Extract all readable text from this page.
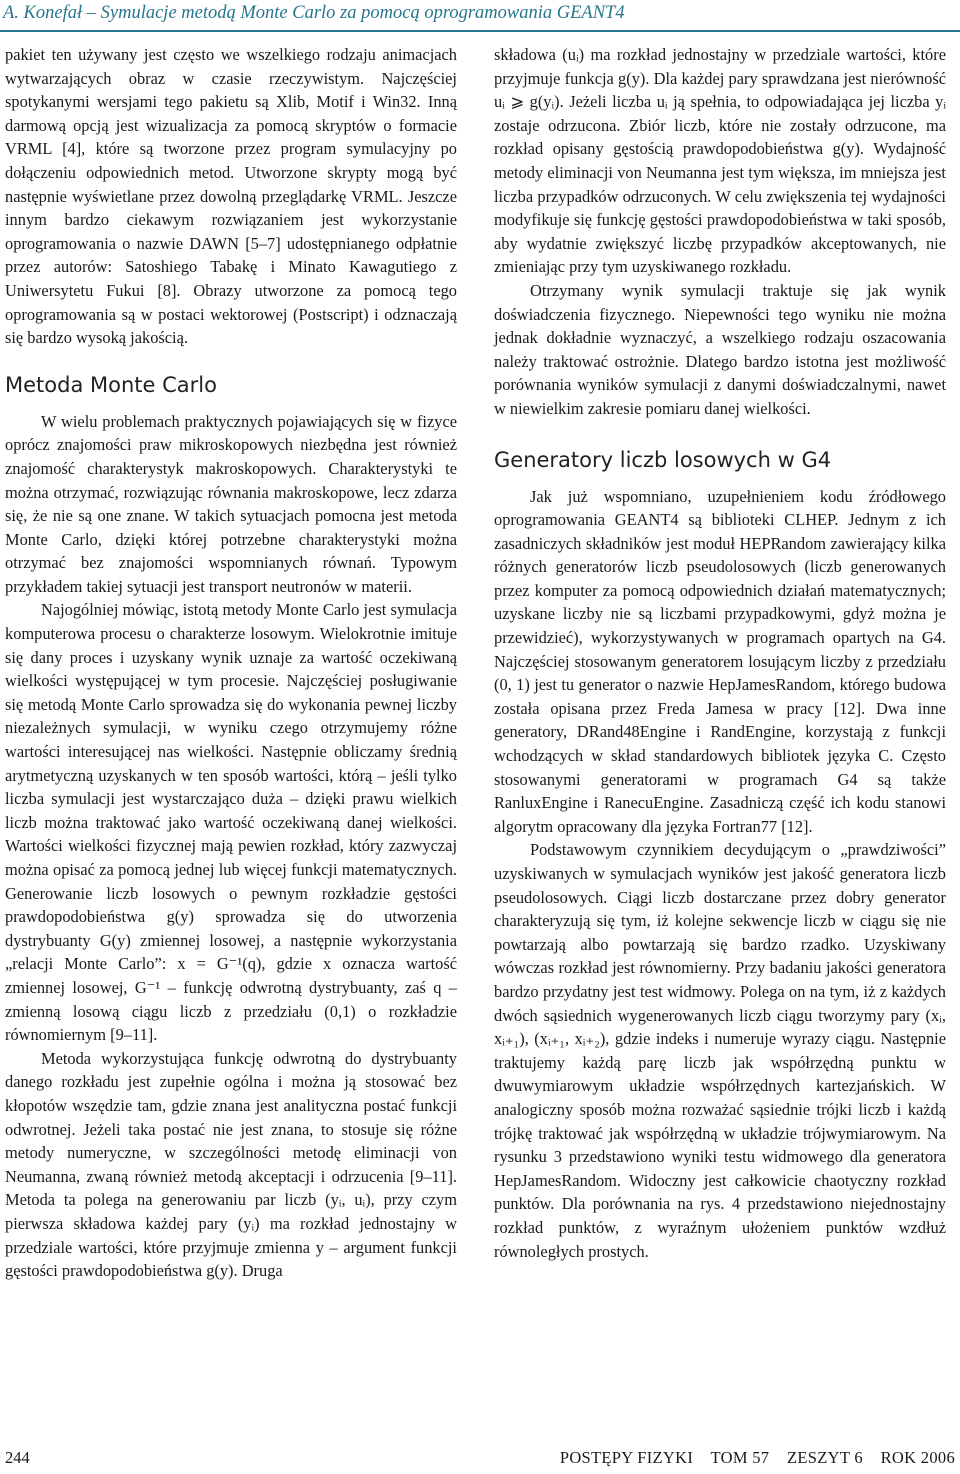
A. Konefał – Symulacje metodą Monte Carlo za pomocą oprogramowania GEANT4

pakiet ten używany jest często we wszelkiego rodzaju animacjach wytwarzających obraz w czasie rzeczywistym. Najczęściej spotykanymi wersjami tego pakietu są Xlib, Motif i Win32. Inną darmową opcją jest wizualizacja za pomocą skryptów o formacie VRML [4], które są tworzone przez program symulacyjny po dołączeniu odpowiednich metod. Utworzone skrypty mogą być następnie wyświetlane przez dowolną przeglądarkę VRML. Jeszcze innym bardzo ciekawym rozwiązaniem jest wykorzystanie oprogramowania o nazwie DAWN [5–7] udostępnianego odpłatnie przez autorów: Satoshiego Tabakę i Minato Kawagutiego z Uniwersytetu Fukui [8]. Obrazy utworzone za pomocą tego oprogramowania są w postaci wektorowej (Postscript) i odznaczają się bardzo wysoką jakością.

Metoda Monte Carlo

W wielu problemach praktycznych pojawiających się w fizyce oprócz znajomości praw mikroskopowych niezbędna jest również znajomość charakterystyk makroskopowych. Charakterystyki te można otrzymać, rozwiązując równania makroskopowe, lecz zdarza się, że nie są one znane. W takich sytuacjach pomocna jest metoda Monte Carlo, dzięki której potrzebne charakterystyki można otrzymać bez znajomości wspomnianych równań. Typowym przykładem takiej sytuacji jest transport neutronów w materii.

Najogólniej mówiąc, istotą metody Monte Carlo jest symulacja komputerowa procesu o charakterze losowym. Wielokrotnie imituje się dany proces i uzyskany wynik uznaje za wartość oczekiwaną wielkości występującej w tym procesie. Najczęściej posługiwanie się metodą Monte Carlo sprowadza się do wykonania pewnej liczby niezależnych symulacji, w wyniku czego otrzymujemy różne wartości interesującej nas wielkości. Następnie obliczamy średnią arytmetyczną uzyskanych w ten sposób wartości, którą – jeśli tylko liczba symulacji jest wystarczająco duża – dzięki prawu wielkich liczb można traktować jako wartość oczekiwaną danej wielkości. Wartości wielkości fizycznej mają pewien rozkład, który zazwyczaj można opisać za pomocą jednej lub więcej funkcji matematycznych. Generowanie liczb losowych o pewnym rozkładzie gęstości prawdopodobieństwa g(y) sprowadza się do utworzenia dystrybuanty G(y) zmiennej losowej, a następnie wykorzystania „relacji Monte Carlo”: x = G⁻¹(q), gdzie x oznacza wartość zmiennej losowej, G⁻¹ – funkcję odwrotną dystrybuanty, zaś q – zmienną losową ciągu liczb z przedziału (0,1) o rozkładzie równomiernym [9–11].

Metoda wykorzystująca funkcję odwrotną do dystrybuanty danego rozkładu jest zupełnie ogólna i można ją stosować bez kłopotów wszędzie tam, gdzie znana jest analityczna postać funkcji odwrotnej. Jeżeli taka postać nie jest znana, to stosuje się różne metody numeryczne, w szczególności metodę eliminacji von Neumanna, zwaną również metodą akceptacji i odrzucenia [9–11]. Metoda ta polega na generowaniu par liczb (yᵢ, uᵢ), przy czym pierwsza składowa każdej pary (yᵢ) ma rozkład jednostajny w przedziale wartości, które przyjmuje zmienna y – argument funkcji gęstości prawdopodobieństwa g(y). Druga

składowa (uᵢ) ma rozkład jednostajny w przedziale wartości, które przyjmuje funkcja g(y). Dla każdej pary sprawdzana jest nierówność uᵢ ⩾ g(yᵢ). Jeżeli liczba uᵢ ją spełnia, to odpowiadająca jej liczba yᵢ zostaje odrzucona. Zbiór liczb, które nie zostały odrzucone, ma rozkład opisany gęstością prawdopodobieństwa g(y). Wydajność metody eliminacji von Neumanna jest tym większa, im mniejsza jest liczba przypadków odrzuconych. W celu zwiększenia tej wydajności modyfikuje się funkcję gęstości prawdopodobieństwa w taki sposób, aby wydatnie zwiększyć liczbę przypadków akceptowanych, nie zmieniając przy tym uzyskiwanego rozkładu.

Otrzymany wynik symulacji traktuje się jak wynik doświadczenia fizycznego. Niepewności tego wyniku nie można jednak dokładnie wyznaczyć, a wszelkiego rodzaju oszacowania należy traktować ostrożnie. Dlatego bardzo istotna jest możliwość porównania wyników symulacji z danymi doświadczalnymi, nawet w niewielkim zakresie pomiaru danej wielkości.

Generatory liczb losowych w G4

Jak już wspomniano, uzupełnieniem kodu źródłowego oprogramowania GEANT4 są biblioteki CLHEP. Jednym z ich zasadniczych składników jest moduł HEPRandom zawierający kilka różnych generatorów liczb pseudolosowych (liczb generowanych przez komputer za pomocą odpowiednich działań matematycznych; uzyskane liczby nie są liczbami przypadkowymi, gdyż można je przewidzieć), wykorzystywanych w programach opartych na G4. Najczęściej stosowanym generatorem losującym liczby z przedziału (0, 1) jest tu generator o nazwie HepJamesRandom, którego budowa została opisana przez Freda Jamesa w pracy [12]. Dwa inne generatory, DRand48Engine i RandEngine, korzystają z funkcji wchodzących w skład standardowych bibliotek języka C. Często stosowanymi generatorami w programach G4 są także RanluxEngine i RanecuEngine. Zasadniczą część ich kodu stanowi algorytm opracowany dla języka Fortran77 [12].

Podstawowym czynnikiem decydującym o „prawdziwości” uzyskiwanych w symulacjach wyników jest jakość generatora liczb pseudolosowych. Ciągi liczb dostarczane przez dobry generator charakteryzują się tym, iż kolejne sekwencje liczb w ciągu się nie powtarzają albo powtarzają się bardzo rzadko. Uzyskiwany wówczas rozkład jest równomierny. Przy badaniu jakości generatora bardzo przydatny jest test widmowy. Polega on na tym, iż z każdych dwóch sąsiednich wygenerowanych liczb ciągu tworzymy pary (xᵢ, xᵢ₊₁), (xᵢ₊₁, xᵢ₊₂), gdzie indeks i numeruje wyrazy ciągu. Następnie traktujemy każdą parę liczb jak współrzędną punktu w dwuwymiarowym układzie współrzędnych kartezjańskich. W analogiczny sposób można rozważać sąsiednie trójki liczb i każdą trójkę traktować jak współrzędną w układzie trójwymiarowym. Na rysunku 3 przedstawiono wyniki testu widmowego dla generatora HepJamesRandom. Widoczny jest całkowicie chaotyczny rozkład punktów. Dla porównania na rys. 4 przedstawiono niejednostajny rozkład punktów, z wyraźnym ułożeniem punktów wzdłuż równoległych prostych.

244	POSTĘPY FIZYKI    TOM 57    ZESZYT 6    ROK 2006
